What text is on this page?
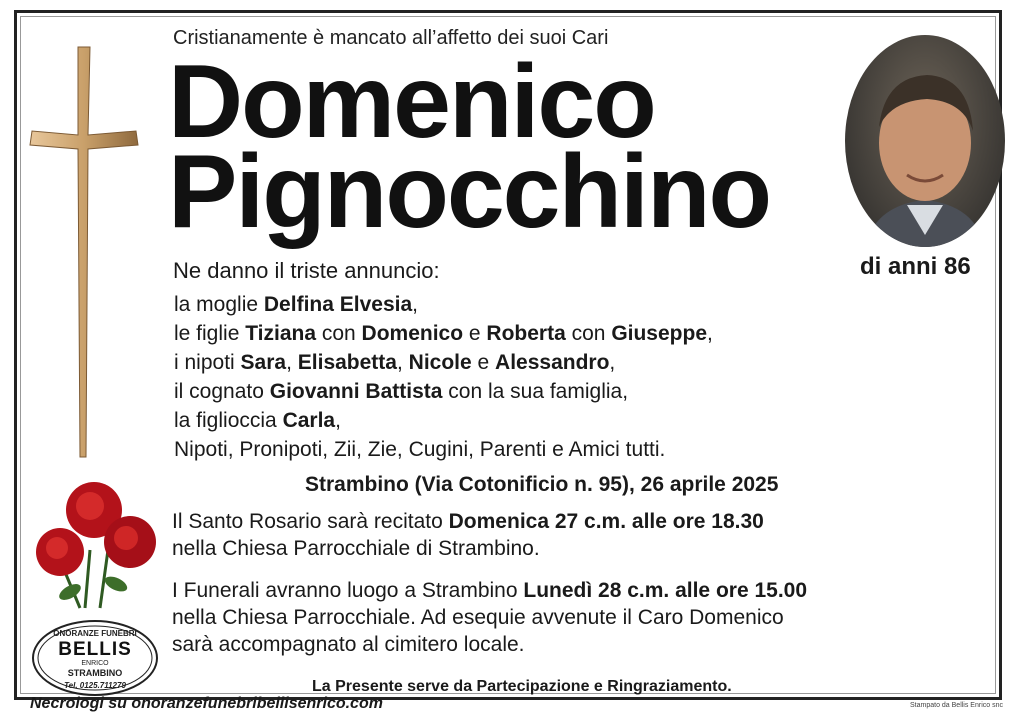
Cristianamente è mancato all’affetto dei suoi Cari
Domenico
Pignocchino
di anni 86
Ne danno il triste annuncio:
la moglie Delfina Elvesia,
le figlie Tiziana con Domenico e Roberta con Giuseppe,
i nipoti Sara, Elisabetta, Nicole e Alessandro,
il cognato Giovanni Battista con la sua famiglia,
la figlioccia Carla,
Nipoti, Pronipoti, Zii, Zie, Cugini, Parenti e Amici tutti.
Strambino (Via Cotonificio n. 95), 26 aprile 2025
Il Santo Rosario sarà recitato Domenica 27 c.m. alle ore 18.30
nella Chiesa Parrocchiale di Strambino.
I Funerali avranno luogo a Strambino Lunedì 28 c.m. alle ore 15.00
nella Chiesa Parrocchiale. Ad esequie avvenute il Caro Domenico
sarà accompagnato al cimitero locale.
ONORANZE FUNEBRI
BELLIS
ENRICO
STRAMBINO
Tel. 0125.711279	La Presente serve da Partecipazione e Ringraziamento.
Necrologi su onoranzefunebribellisenrico.com	Stampato da Bellis Enrico snc
